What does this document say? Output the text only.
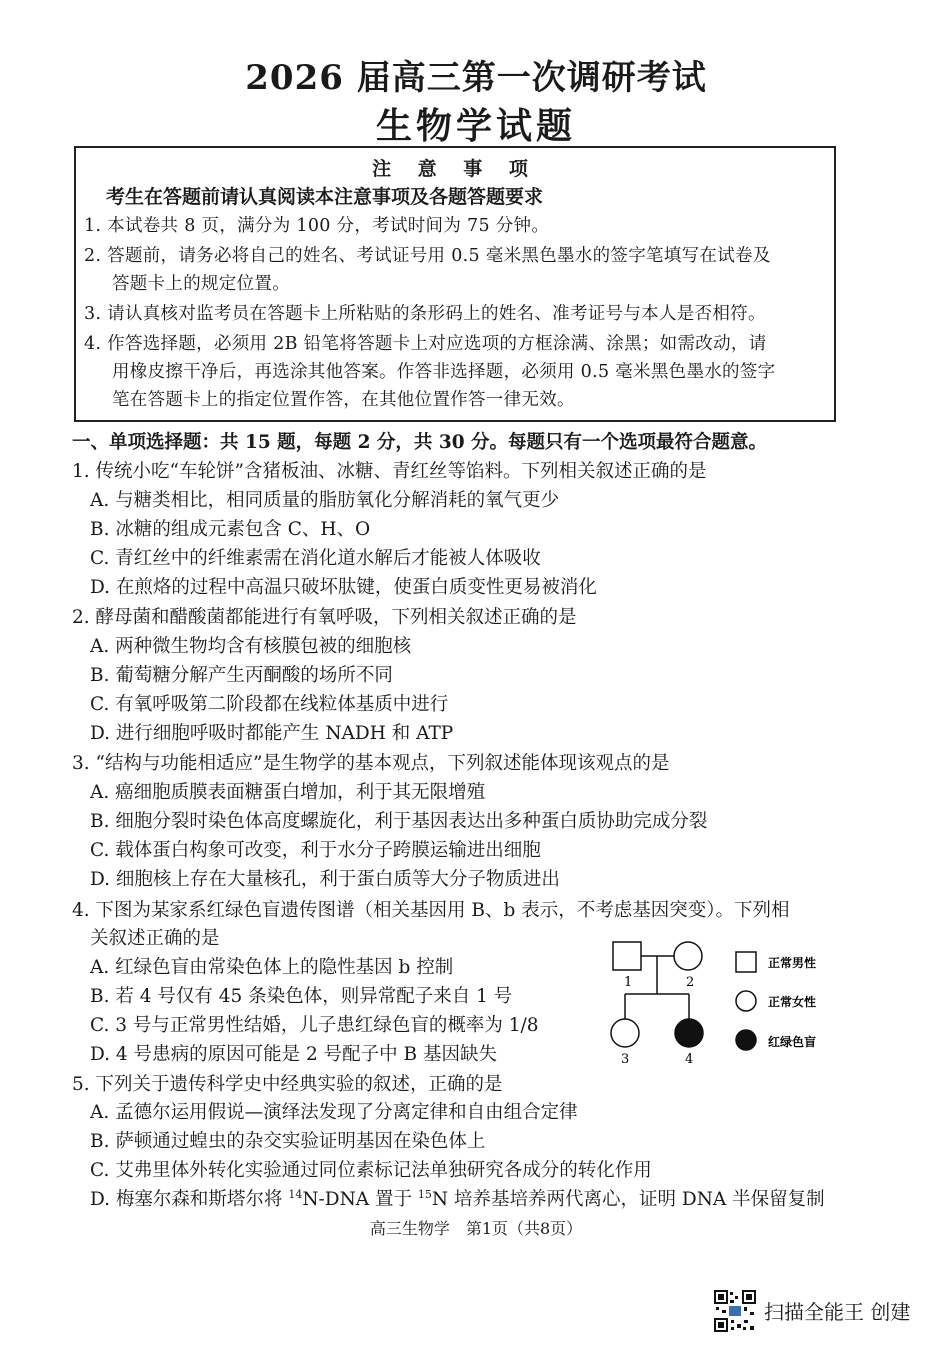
2026 届高三第一次调研考试
生物学试题
注 意 事 项
考生在答题前请认真阅读本注意事项及各题答题要求
1. 本试卷共 8 页，满分为 100 分，考试时间为 75 分钟。
2. 答题前，请务必将自己的姓名、考试证号用 0.5 毫米黑色墨水的签字笔填写在试卷及
答题卡上的规定位置。
3. 请认真核对监考员在答题卡上所粘贴的条形码上的姓名、准考证号与本人是否相符。
4. 作答选择题，必须用 2B 铅笔将答题卡上对应选项的方框涂满、涂黑；如需改动，请
用橡皮擦干净后，再选涂其他答案。作答非选择题，必须用 0.5 毫米黑色墨水的签字
笔在答题卡上的指定位置作答，在其他位置作答一律无效。
一、单项选择题：共 15 题，每题 2 分，共 30 分。每题只有一个选项最符合题意。
1. 传统小吃“车轮饼”含猪板油、冰糖、青红丝等馅料。下列相关叙述正确的是
A. 与糖类相比，相同质量的脂肪氧化分解消耗的氧气更少
B. 冰糖的组成元素包含 C、H、O
C. 青红丝中的纤维素需在消化道水解后才能被人体吸收
D. 在煎烙的过程中高温只破坏肽键，使蛋白质变性更易被消化
2. 酵母菌和醋酸菌都能进行有氧呼吸，下列相关叙述正确的是
A. 两种微生物均含有核膜包被的细胞核
B. 葡萄糖分解产生丙酮酸的场所不同
C. 有氧呼吸第二阶段都在线粒体基质中进行
D. 进行细胞呼吸时都能产生 NADH 和 ATP
3. “结构与功能相适应”是生物学的基本观点，下列叙述能体现该观点的是
A. 癌细胞质膜表面糖蛋白增加，利于其无限增殖
B. 细胞分裂时染色体高度螺旋化，利于基因表达出多种蛋白质协助完成分裂
C. 载体蛋白构象可改变，利于水分子跨膜运输进出细胞
D. 细胞核上存在大量核孔，利于蛋白质等大分子物质进出
4. 下图为某家系红绿色盲遗传图谱（相关基因用 B、b 表示，不考虑基因突变）。下列相
关叙述正确的是
A. 红绿色盲由常染色体上的隐性基因 b 控制
B. 若 4 号仅有 45 条染色体，则异常配子来自 1 号
C. 3 号与正常男性结婚，儿子患红绿色盲的概率为 1/8
D. 4 号患病的原因可能是 2 号配子中 B 基因缺失
1	2
3	4
正常男性
正常女性
红绿色盲
5. 下列关于遗传科学史中经典实验的叙述，正确的是
A. 孟德尔运用假说—演绎法发现了分离定律和自由组合定律
B. 萨顿通过蝗虫的杂交实验证明基因在染色体上
C. 艾弗里体外转化实验通过同位素标记法单独研究各成分的转化作用
D. 梅塞尔森和斯塔尔将 $^{14}$N-DNA 置于 $^{15}$N 培养基培养两代离心，证明 DNA 半保留复制
高三生物学　第1页（共8页）
扫描全能王 创建
